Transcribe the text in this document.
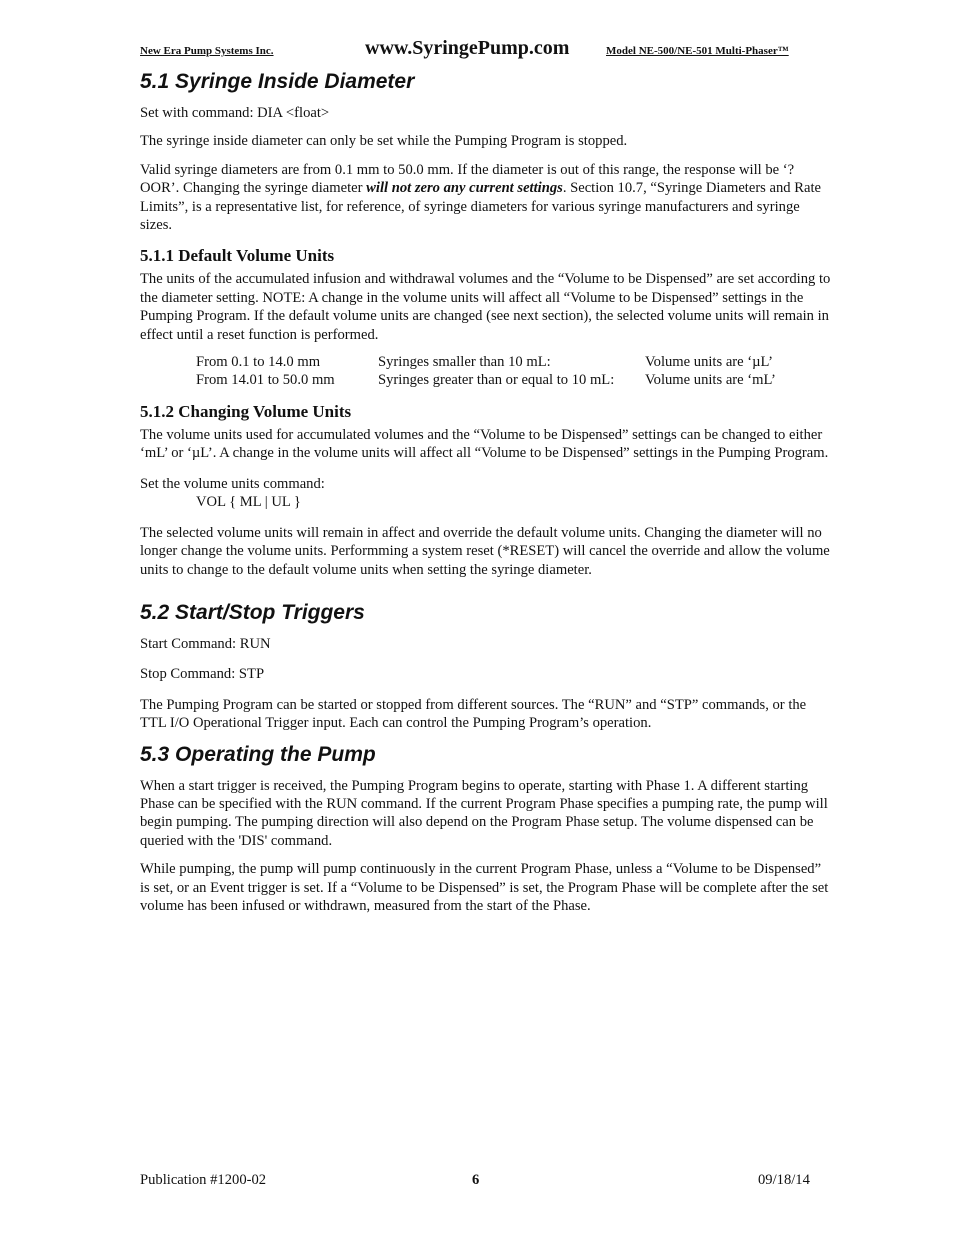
New Era Pump Systems Inc.	www.SyringePump.com	Model NE-500/NE-501 Multi-Phaser™
5.1 Syringe Inside Diameter

Set with command: DIA <float>

The syringe inside diameter can only be set while the Pumping Program is stopped.

Valid syringe diameters are from 0.1 mm to 50.0 mm. If the diameter is out of this range, the response will be ‘?OOR’. Changing the syringe diameter will not zero any current settings. Section 10.7, “Syringe Diameters and Rate Limits”, is a representative list, for reference, of syringe diameters for various syringe manufacturers and syringe sizes.

5.1.1 Default Volume Units

The units of the accumulated infusion and withdrawal volumes and the “Volume to be Dispensed” are set according to the diameter setting. NOTE: A change in the volume units will affect all “Volume to be Dispensed” settings in the Pumping Program. If the default volume units are changed (see next section), the selected volume units will remain in effect until a reset function is performed.

From 0.1 to 14.0 mm	Syringes smaller than 10 mL:	Volume units are ‘µL’
From 14.01 to 50.0 mm	Syringes greater than or equal to 10 mL: Volume units are ‘mL’
5.1.2 Changing Volume Units

The volume units used for accumulated volumes and the “Volume to be Dispensed” settings can be changed to either ‘mL’ or ‘µL’. A change in the volume units will affect all “Volume to be Dispensed” settings in the Pumping Program.

Set the volume units command:

VOL { ML | UL }

The selected volume units will remain in affect and override the default volume units. Changing the diameter will no longer change the volume units. Performming a system reset (*RESET) will cancel the override and allow the volume units to change to the default volume units when setting the syringe diameter.

5.2 Start/Stop Triggers

Start Command: RUN

Stop Command: STP

The Pumping Program can be started or stopped from different sources. The “RUN” and “STP” commands, or the TTL I/O Operational Trigger input. Each can control the Pumping Program’s operation.

5.3 Operating the Pump

When a start trigger is received, the Pumping Program begins to operate, starting with Phase 1. A different starting Phase can be specified with the RUN command. If the current Program Phase specifies a pumping rate, the pump will begin pumping. The pumping direction will also depend on the Program Phase setup. The volume dispensed can be queried with the 'DIS' command.

While pumping, the pump will pump continuously in the current Program Phase, unless a “Volume to be Dispensed” is set, or an Event trigger is set. If a “Volume to be Dispensed” is set, the Program Phase will be complete after the set volume has been infused or withdrawn, measured from the start of the Phase.

Publication #1200-02	6	09/18/14
